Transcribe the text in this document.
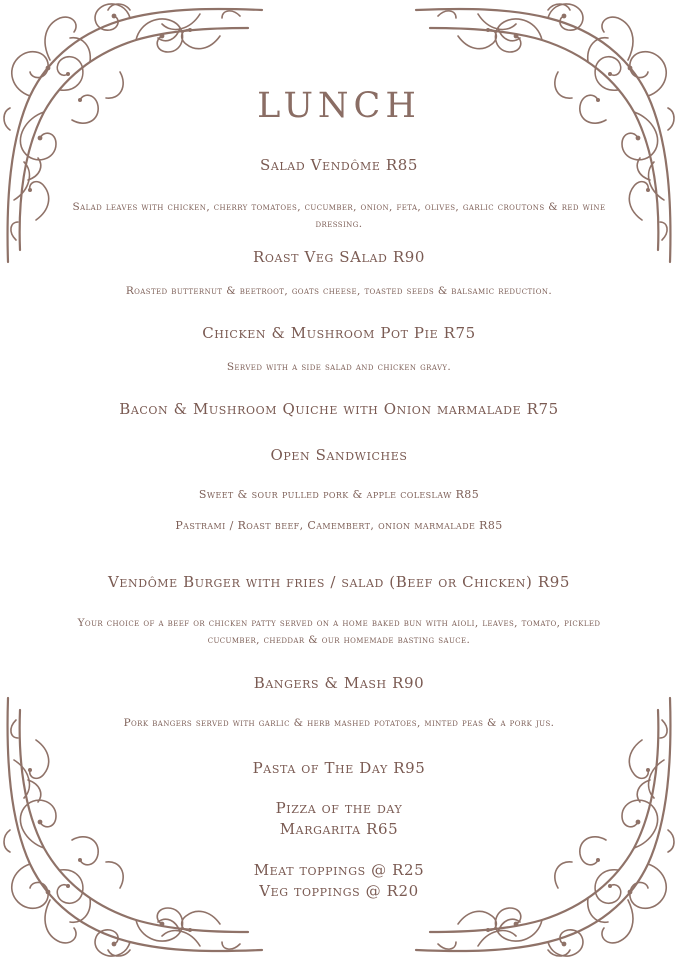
LUNCH
Salad Vendôme R85
Salad leaves with chicken, cherry tomatoes, cucumber, onion, feta, olives, garlic croutons & red wine dressing.
Roast Veg SAlad R90
Roasted butternut & beetroot, goats cheese, toasted seeds & balsamic reduction.
Chicken & Mushroom Pot Pie R75
Served with a side salad and chicken gravy.
Bacon & Mushroom Quiche with Onion marmalade R75
Open Sandwiches
Sweet & sour pulled pork & apple coleslaw R85
Pastrami / Roast beef, Camembert, onion marmalade R85
Vendôme Burger with fries / salad (Beef or Chicken) R95
Your choice of a beef or chicken patty served on a home baked bun with aioli, leaves, tomato, pickled cucumber, cheddar & our homemade basting sauce.
Bangers & Mash R90
Pork bangers served with garlic & herb mashed potatoes, minted peas & a pork jus.
Pasta of The Day R95
Pizza of the day
Margarita R65
Meat toppings @ R25
Veg toppings @ R20
